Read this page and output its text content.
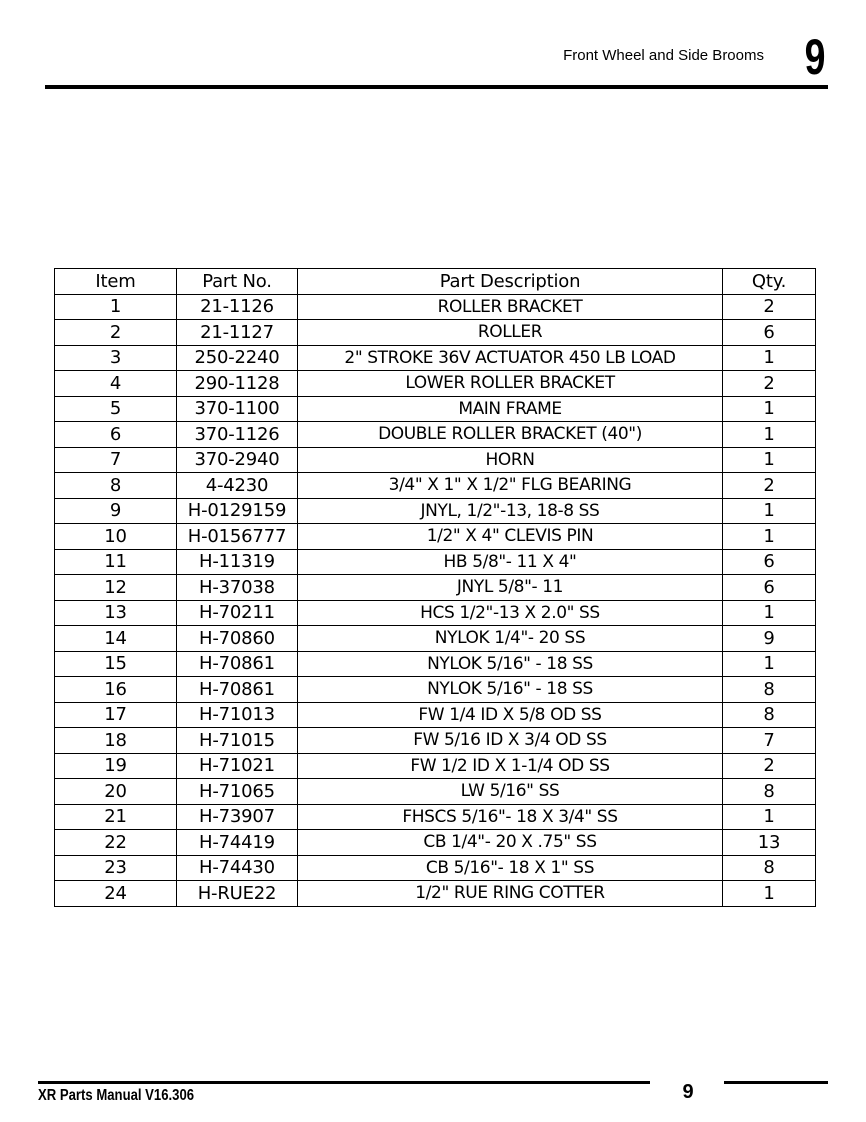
Front Wheel and Side Brooms 9
Item	Part No.	Part Description	Qty.
1	21-1126	ROLLER BRACKET	2
2	21-1127	ROLLER	6
3	250-2240	2" STROKE 36V ACTUATOR 450 LB LOAD	1
4	290-1128	LOWER ROLLER BRACKET	2
5	370-1100	MAIN FRAME	1
6	370-1126	DOUBLE ROLLER BRACKET (40")	1
7	370-2940	HORN	1
8	4-4230	3/4" X 1" X 1/2" FLG BEARING	2
9	H-0129159	JNYL, 1/2"-13, 18-8 SS	1
10	H-0156777	1/2" X 4" CLEVIS PIN	1
11	H-11319	HB 5/8"- 11 X 4"	6
12	H-37038	JNYL 5/8"- 11	6
13	H-70211	HCS 1/2"-13 X 2.0" SS	1
14	H-70860	NYLOK 1/4"- 20 SS	9
15	H-70861	NYLOK 5/16" - 18 SS	1
16	H-70861	NYLOK 5/16" - 18 SS	8
17	H-71013	FW 1/4 ID X 5/8 OD SS	8
18	H-71015	FW 5/16 ID X 3/4 OD SS	7
19	H-71021	FW 1/2 ID X 1-1/4 OD SS	2
20	H-71065	LW 5/16" SS	8
21	H-73907	FHSCS 5/16"- 18 X 3/4" SS	1
22	H-74419	CB 1/4"- 20 X .75" SS	13
23	H-74430	CB 5/16"- 18 X 1" SS	8
24	H-RUE22	1/2" RUE RING COTTER	1
XR Parts Manual V16.306	9
